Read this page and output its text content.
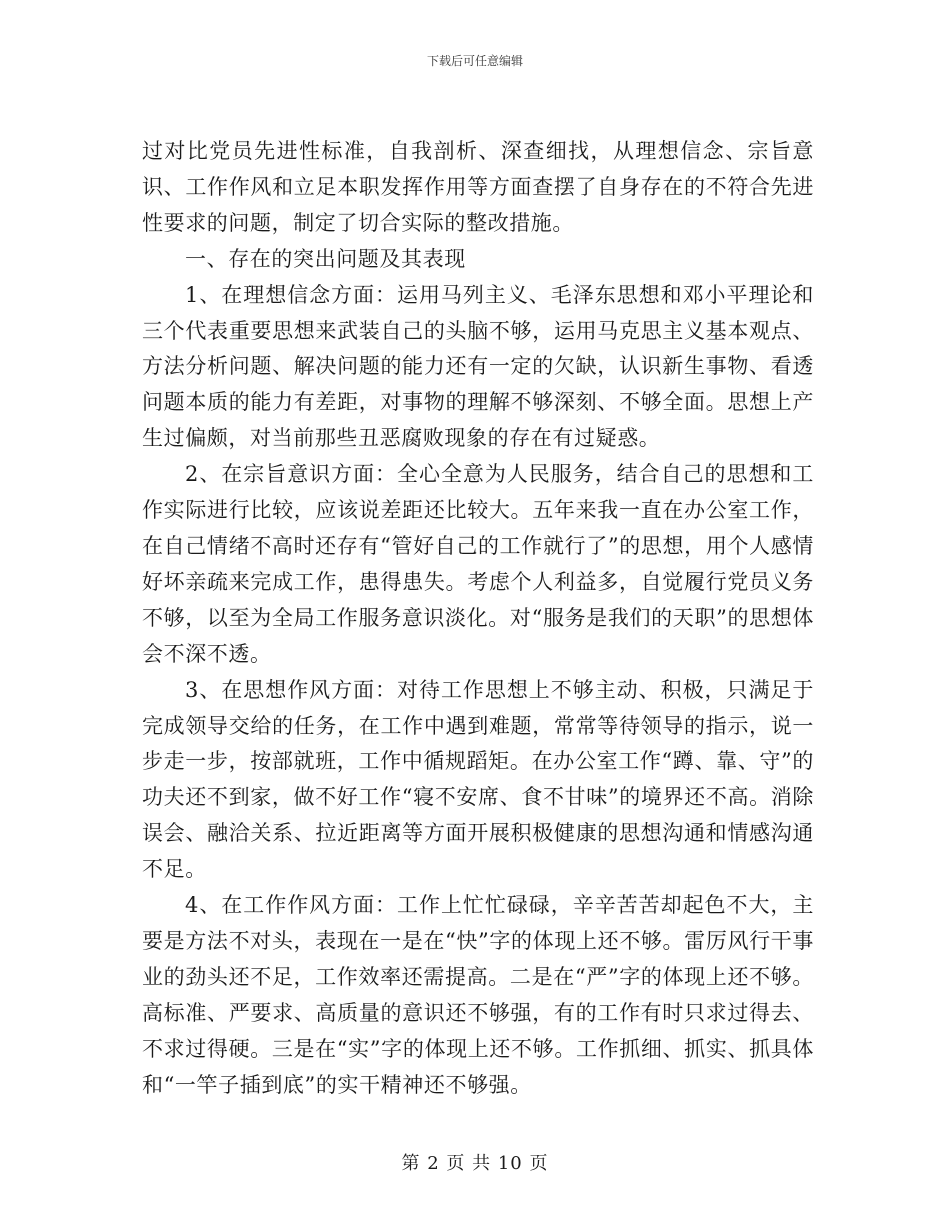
下载后可任意编辑

过对比党员先进性标准，自我剖析、深查细找，从理想信念、宗旨意识、工作作风和立足本职发挥作用等方面查摆了自身存在的不符合先进性要求的问题，制定了切合实际的整改措施。

一、存在的突出问题及其表现

1、在理想信念方面：运用马列主义、毛泽东思想和邓小平理论和三个代表重要思想来武装自己的头脑不够，运用马克思主义基本观点、方法分析问题、解决问题的能力还有一定的欠缺，认识新生事物、看透问题本质的能力有差距，对事物的理解不够深刻、不够全面。思想上产生过偏颇，对当前那些丑恶腐败现象的存在有过疑惑。

2、在宗旨意识方面：全心全意为人民服务，结合自己的思想和工作实际进行比较，应该说差距还比较大。五年来我一直在办公室工作，在自己情绪不高时还存有“管好自己的工作就行了”的思想，用个人感情好坏亲疏来完成工作，患得患失。考虑个人利益多，自觉履行党员义务不够，以至为全局工作服务意识淡化。对“服务是我们的天职”的思想体会不深不透。

3、在思想作风方面：对待工作思想上不够主动、积极，只满足于完成领导交给的任务，在工作中遇到难题，常常等待领导的指示，说一步走一步，按部就班，工作中循规蹈矩。在办公室工作“蹲、靠、守”的功夫还不到家，做不好工作“寝不安席、食不甘味”的境界还不高。消除误会、融洽关系、拉近距离等方面开展积极健康的思想沟通和情感沟通不足。

4、在工作作风方面：工作上忙忙碌碌，辛辛苦苦却起色不大，主要是方法不对头，表现在一是在“快”字的体现上还不够。雷厉风行干事业的劲头还不足，工作效率还需提高。二是在“严”字的体现上还不够。高标准、严要求、高质量的意识还不够强，有的工作有时只求过得去、不求过得硬。三是在“实”字的体现上还不够。工作抓细、抓实、抓具体和“一竿子插到底”的实干精神还不够强。

第 2 页 共 10 页
